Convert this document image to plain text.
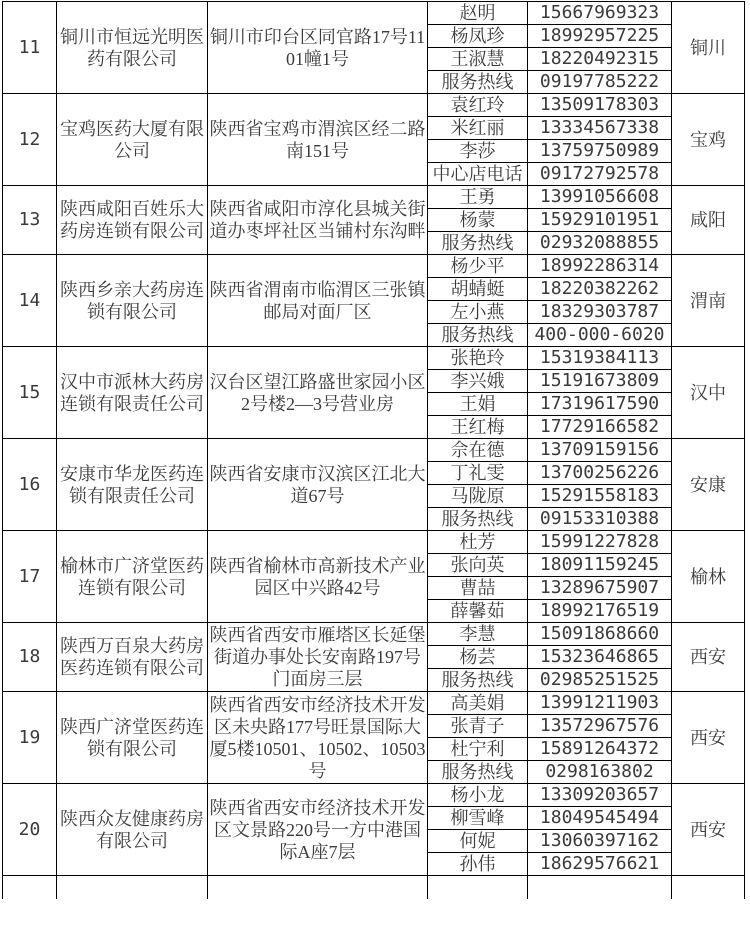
11	铜川市恒远光明医药有限公司	铜川市印台区同官路17号1101幢1号	赵明	15667969323	铜川
			杨凤珍	18992957225	
			王淑慧	18220492315	
			服务热线	09197785222	
12	宝鸡医药大厦有限公司	陕西省宝鸡市渭滨区经二路南151号	袁红玲	13509178303	宝鸡
			米红丽	13334567338	
			李莎	13759750989	
			中心店电话	09172792578	
13	陕西咸阳百姓乐大药房连锁有限公司	陕西省咸阳市淳化县城关街道办枣坪社区当铺村东沟畔	王勇	13991056608	咸阳
			杨蒙	15929101951	
			服务热线	02932088855	
14	陕西乡亲大药房连锁有限公司	陕西省渭南市临渭区三张镇邮局对面厂区	杨少平	18992286314	渭南
			胡蜻蜓	18220382262	
			左小燕	18329303787	
			服务热线	400-000-6020	
15	汉中市派林大药房连锁有限责任公司	汉台区望江路盛世家园小区2号楼2—3号营业房	张艳玲	15319384113	汉中
			李兴娥	15191673809	
			王娟	17319617590	
			王红梅	17729166582	
16	安康市华龙医药连锁有限责任公司	陕西省安康市汉滨区江北大道67号	佘在德	13709159156	安康
			丁礼雯	13700256226	
			马陇原	15291558183	
			服务热线	09153310388	
17	榆林市广济堂医药连锁有限公司	陕西省榆林市高新技术产业园区中兴路42号	杜芳	15991227828	榆林
			张向英	18091159245	
			曹喆	13289675907	
			薛馨茹	18992176519	
18	陕西万百泉大药房医药连锁有限公司	陕西省西安市雁塔区长延堡街道办事处长安南路197号门面房三层	李慧	15091868660	西安
			杨芸	15323646865	
			服务热线	02985251525	
19	陕西广济堂医药连锁有限公司	陕西省西安市经济技术开发区未央路177号旺景国际大厦5楼10501、10502、10503号	高美娟	13991211903	西安
			张青子	13572967576	
			杜宁利	15891264372	
			服务热线	0298163802	
20	陕西众友健康药房有限公司	陕西省西安市经济技术开发区文景路220号一方中港国际A座7层	杨小龙	13309203657	西安
			柳雪峰	18049545494	
			何妮	13060397162	
			孙伟	18629576621	
